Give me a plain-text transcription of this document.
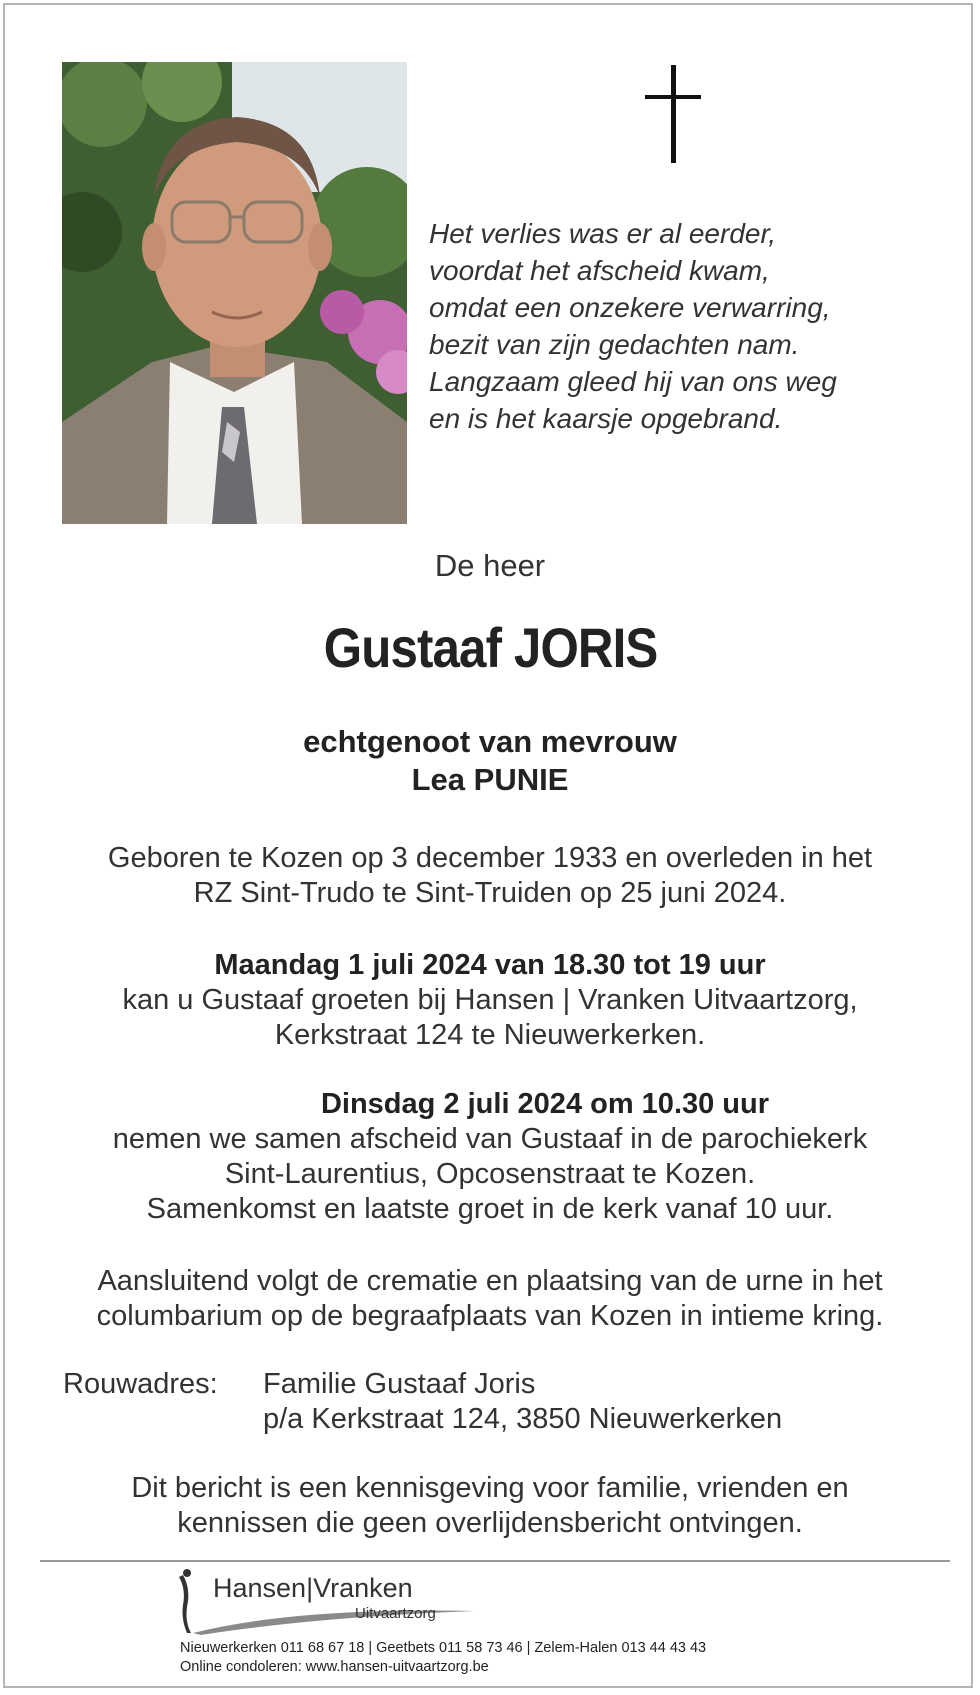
Het verlies was er al eerder,
voordat het afscheid kwam,
omdat een onzekere verwarring,
bezit van zijn gedachten nam.
Langzaam gleed hij van ons weg
en is het kaarsje opgebrand.
De heer
Gustaaf JORIS
echtgenoot van mevrouw
Lea PUNIE
Geboren te Kozen op 3 december 1933 en overleden in het
RZ Sint-Trudo te Sint-Truiden op 25 juni 2024.
Maandag 1 juli 2024 van 18.30 tot 19 uur
kan u Gustaaf groeten bij Hansen | Vranken Uitvaartzorg,
Kerkstraat 124 te Nieuwerkerken.
Dinsdag 2 juli 2024 om 10.30 uur
nemen we samen afscheid van Gustaaf in de parochiekerk
Sint-Laurentius, Opcosenstraat te Kozen.
Samenkomst en laatste groet in de kerk vanaf 10 uur.
Aansluitend volgt de crematie en plaatsing van de urne in het
columbarium op de begraafplaats van Kozen in intieme kring.
Rouwadres: Familie Gustaaf Joris
p/a Kerkstraat 124, 3850 Nieuwerkerken
Dit bericht is een kennisgeving voor familie, vrienden en
kennissen die geen overlijdensbericht ontvingen.
Hansen|Vranken
Uitvaartzorg
Nieuwerkerken 011 68 67 18 | Geetbets 011 58 73 46 | Zelem-Halen 013 44 43 43
Online condoleren: www.hansen-uitvaartzorg.be
